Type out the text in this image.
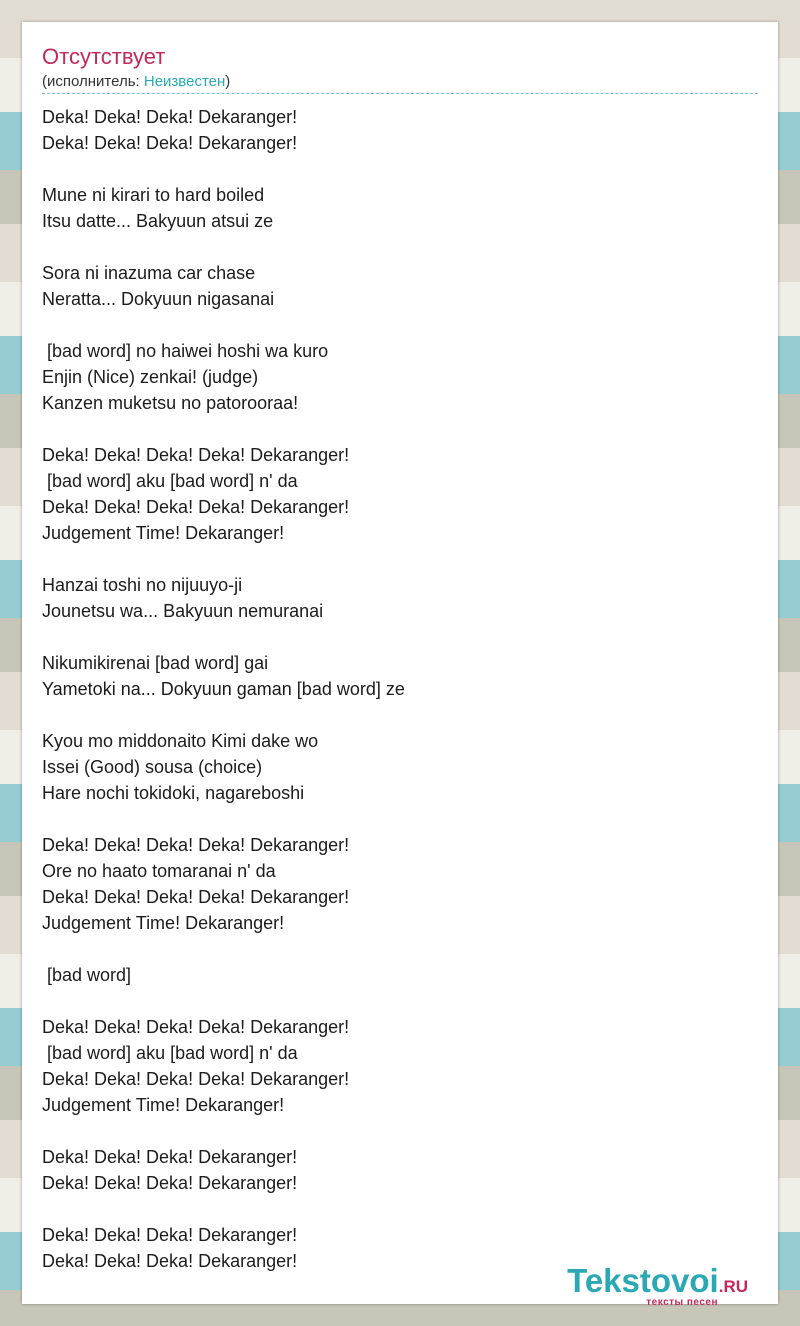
Отсутствует
(исполнитель: Неизвестен)
Deka! Deka! Deka! Dekaranger!
Deka! Deka! Deka! Dekaranger!
Mune ni kirari to hard boiled
Itsu datte... Bakyuun atsui ze
Sora ni inazuma car chase
Neratta... Dokyuun nigasanai
[bad word] no haiwei hoshi wa kuro
Enjin (Nice) zenkai! (judge)
Kanzen muketsu no patorooraa!
Deka! Deka! Deka! Deka! Dekaranger!
[bad word] aku [bad word] n' da
Deka! Deka! Deka! Deka! Dekaranger!
Judgement Time! Dekaranger!
Hanzai toshi no nijuuyo-ji
Jounetsu wa... Bakyuun nemuranai
Nikumikirenai [bad word] gai
Yametoki na... Dokyuun gaman [bad word] ze
Kyou mo middonaito Kimi dake wo
Issei (Good) sousa (choice)
Hare nochi tokidoki, nagareboshi
Deka! Deka! Deka! Deka! Dekaranger!
Ore no haato tomaranai n' da
Deka! Deka! Deka! Deka! Dekaranger!
Judgement Time! Dekaranger!
[bad word]
Deka! Deka! Deka! Deka! Dekaranger!
[bad word] aku [bad word] n' da
Deka! Deka! Deka! Deka! Dekaranger!
Judgement Time! Dekaranger!
Deka! Deka! Deka! Dekaranger!
Deka! Deka! Deka! Dekaranger!
Deka! Deka! Deka! Dekaranger!
Deka! Deka! Deka! Dekaranger!
Tekstovoi.RU
тексты песен
